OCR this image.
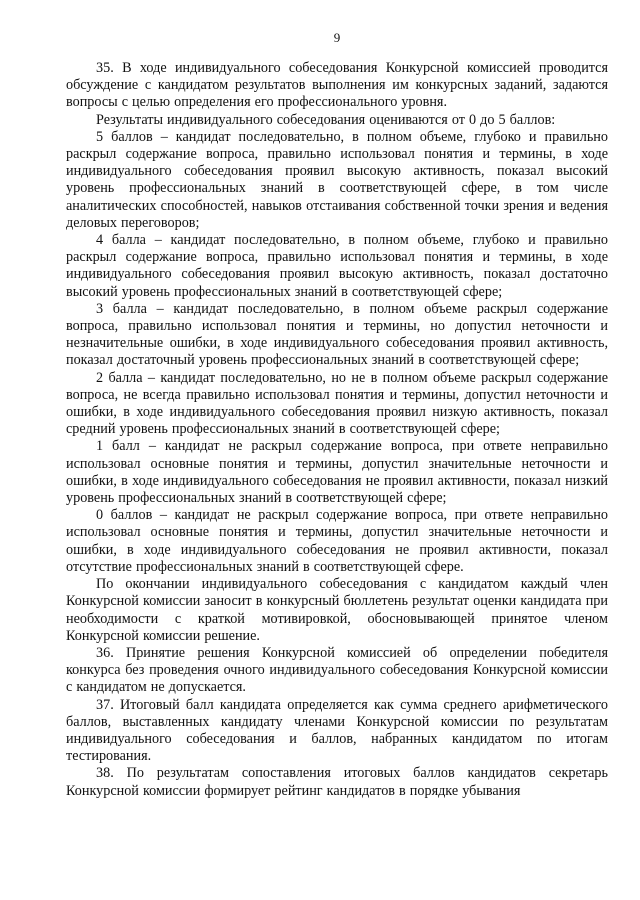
9

35. В ходе индивидуального собеседования Конкурсной комиссией проводится обсуждение с кандидатом результатов выполнения им конкурсных заданий, задаются вопросы с целью определения его профессионального уровня.

Результаты индивидуального собеседования оцениваются от 0 до 5 баллов:

5 баллов – кандидат последовательно, в полном объеме, глубоко и правильно раскрыл содержание вопроса, правильно использовал понятия и термины, в ходе индивидуального собеседования проявил высокую активность, показал высокий уровень профессиональных знаний в соответствующей сфере, в том числе аналитических способностей, навыков отстаивания собственной точки зрения и ведения деловых переговоров;

4 балла – кандидат последовательно, в полном объеме, глубоко и правильно раскрыл содержание вопроса, правильно использовал понятия и термины, в ходе индивидуального собеседования проявил высокую активность, показал достаточно высокий уровень профессиональных знаний в соответствующей сфере;

3 балла – кандидат последовательно, в полном объеме раскрыл содержание вопроса, правильно использовал понятия и термины, но допустил неточности и незначительные ошибки, в ходе индивидуального собеседования проявил активность, показал достаточный уровень профессиональных знаний в соответствующей сфере;

2 балла – кандидат последовательно, но не в полном объеме раскрыл содержание вопроса, не всегда правильно использовал понятия и термины, допустил неточности и ошибки, в ходе индивидуального собеседования проявил низкую активность, показал средний уровень профессиональных знаний в соответствующей сфере;

1 балл – кандидат не раскрыл содержание вопроса, при ответе неправильно использовал основные понятия и термины, допустил значительные неточности и ошибки, в ходе индивидуального собеседования не проявил активности, показал низкий уровень профессиональных знаний в соответствующей сфере;

0 баллов – кандидат не раскрыл содержание вопроса, при ответе неправильно использовал основные понятия и термины, допустил значительные неточности и ошибки, в ходе индивидуального собеседования не проявил активности, показал отсутствие профессиональных знаний в соответствующей сфере.

По окончании индивидуального собеседования с кандидатом каждый член Конкурсной комиссии заносит в конкурсный бюллетень результат оценки кандидата при необходимости с краткой мотивировкой, обосновывающей принятое членом Конкурсной комиссии решение.

36. Принятие решения Конкурсной комиссией об определении победителя конкурса без проведения очного индивидуального собеседования Конкурсной комиссии с кандидатом не допускается.

37. Итоговый балл кандидата определяется как сумма среднего арифметического баллов, выставленных кандидату членами Конкурсной комиссии по результатам индивидуального собеседования и баллов, набранных кандидатом по итогам тестирования.

38. По результатам сопоставления итоговых баллов кандидатов секретарь Конкурсной комиссии формирует рейтинг кандидатов в порядке убывания
